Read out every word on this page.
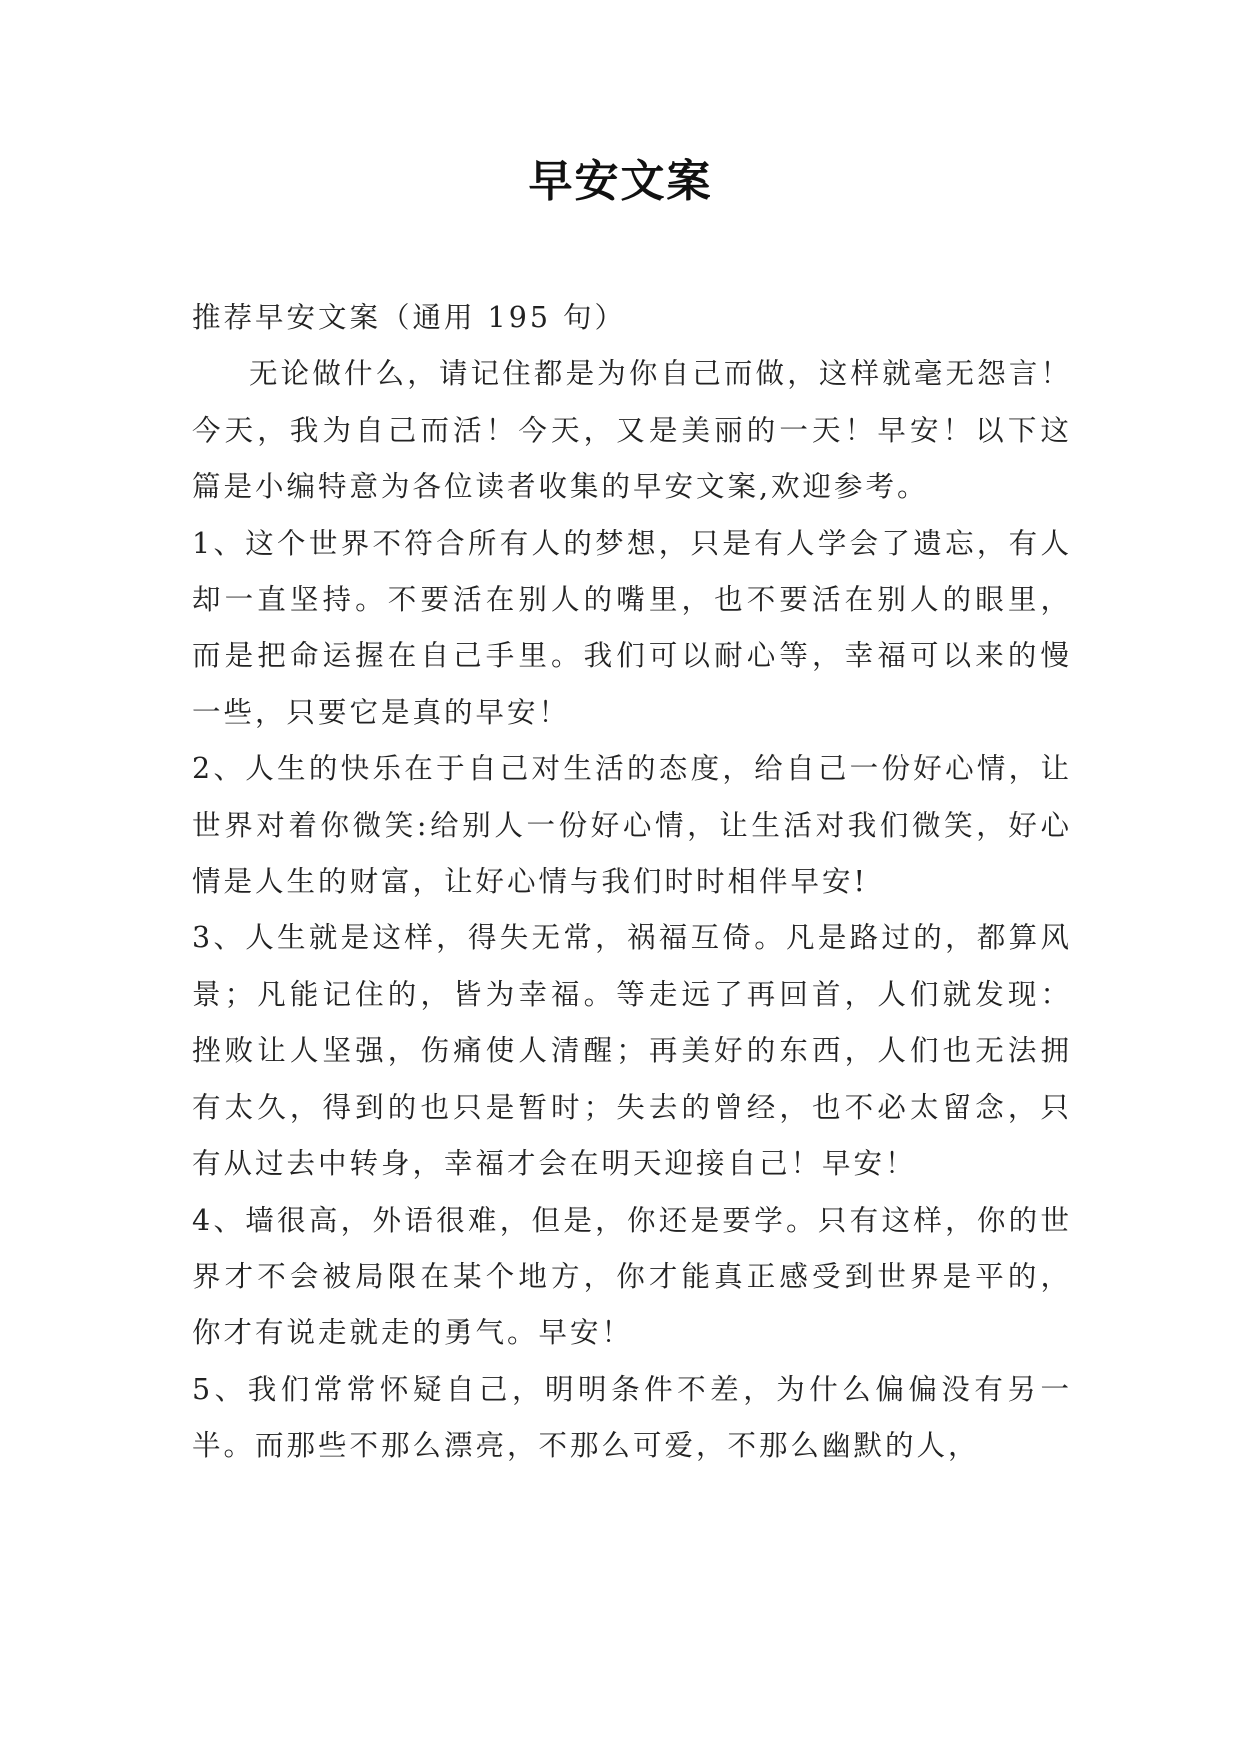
早安文案

推荐早安文案（通用 195 句）

无论做什么，请记住都是为你自己而做，这样就毫无怨言！今天，我为自己而活！今天，又是美丽的一天！早安！以下这篇是小编特意为各位读者收集的早安文案,欢迎参考。

1、这个世界不符合所有人的梦想，只是有人学会了遗忘，有人却一直坚持。不要活在别人的嘴里，也不要活在别人的眼里，而是把命运握在自己手里。我们可以耐心等，幸福可以来的慢一些，只要它是真的早安！

2、人生的快乐在于自己对生活的态度，给自己一份好心情，让世界对着你微笑:给别人一份好心情，让生活对我们微笑，好心情是人生的财富，让好心情与我们时时相伴早安!

3、人生就是这样，得失无常，祸福互倚。凡是路过的，都算风景；凡能记住的，皆为幸福。等走远了再回首，人们就发现：挫败让人坚强，伤痛使人清醒；再美好的东西，人们也无法拥有太久，得到的也只是暂时；失去的曾经，也不必太留念，只有从过去中转身，幸福才会在明天迎接自己！早安！

4、墙很高，外语很难，但是，你还是要学。只有这样，你的世界才不会被局限在某个地方，你才能真正感受到世界是平的，你才有说走就走的勇气。早安！

5、我们常常怀疑自己，明明条件不差，为什么偏偏没有另一半。而那些不那么漂亮，不那么可爱，不那么幽默的人，
